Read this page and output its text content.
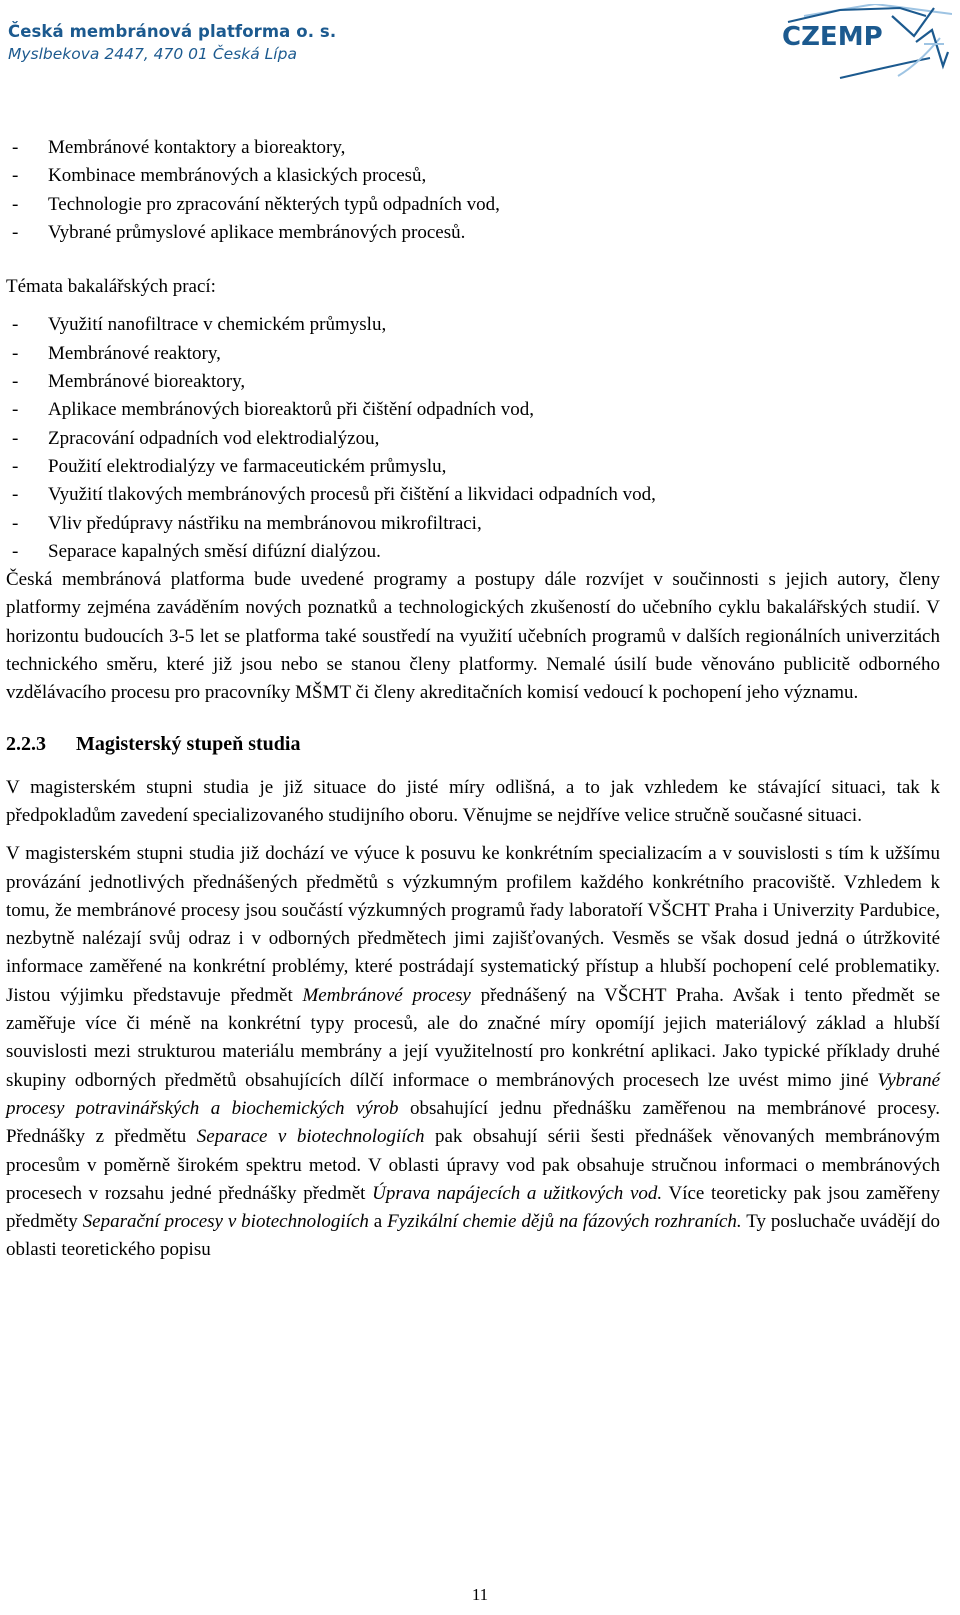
Česká membránová platforma o. s.
Myslbekova 2447, 470 01 Česká Lípa
CZEMP
- Membránové kontaktory a bioreaktory,
- Kombinace membránových a klasických procesů,
- Technologie pro zpracování některých typů odpadních vod,
- Vybrané průmyslové aplikace membránových procesů.
Témata bakalářských prací:
- Využití nanofiltrace v chemickém průmyslu,
- Membránové reaktory,
- Membránové bioreaktory,
- Aplikace membránových bioreaktorů při čištění odpadních vod,
- Zpracování odpadních vod elektrodialýzou,
- Použití elektrodialýzy ve farmaceutickém průmyslu,
- Využití tlakových membránových procesů při čištění a likvidaci odpadních vod,
- Vliv předúpravy nástřiku na membránovou mikrofiltraci,
- Separace kapalných směsí difúzní dialýzou.

Česká membránová platforma bude uvedené programy a postupy dále rozvíjet v součinnosti s jejich autory, členy platformy zejména zaváděním nových poznatků a technologických zkušeností do učebního cyklu bakalářských studií. V horizontu budoucích 3-5 let se platforma také soustředí na využití učebních programů v dalších regionálních univerzitách technického směru, které již jsou nebo se stanou členy platformy. Nemalé úsilí bude věnováno publicitě odborného vzdělávacího procesu pro pracovníky MŠMT či členy akreditačních komisí vedoucí k pochopení jeho významu.

2.2.3 Magisterský stupeň studia

V magisterském stupni studia je již situace do jisté míry odlišná, a to jak vzhledem ke stávající situaci, tak k předpokladům zavedení specializovaného studijního oboru. Věnujme se nejdříve velice stručně současné situaci.

V magisterském stupni studia již dochází ve výuce k posuvu ke konkrétním specializacím a v souvislosti s tím k užšímu provázání jednotlivých přednášených předmětů s výzkumným profilem každého konkrétního pracoviště. Vzhledem k tomu, že membránové procesy jsou součástí výzkumných programů řady laboratoří VŠCHT Praha i Univerzity Pardubice, nezbytně nalézají svůj odraz i v odborných předmětech jimi zajišťovaných. Vesměs se však dosud jedná o útržkovité informace zaměřené na konkrétní problémy, které postrádají systematický přístup a hlubší pochopení celé problematiky. Jistou výjimku představuje předmět Membránové procesy přednášený na VŠCHT Praha. Avšak i tento předmět se zaměřuje více či méně na konkrétní typy procesů, ale do značné míry opomíjí jejich materiálový základ a hlubší souvislosti mezi strukturou materiálu membrány a její využitelností pro konkrétní aplikaci. Jako typické příklady druhé skupiny odborných předmětů obsahujících dílčí informace o membránových procesech lze uvést mimo jiné Vybrané procesy potravinářských a biochemických výrob obsahující jednu přednášku zaměřenou na membránové procesy. Přednášky z předmětu Separace v biotechnologiích pak obsahují sérii šesti přednášek věnovaných membránovým procesům v poměrně širokém spektru metod. V oblasti úpravy vod pak obsahuje stručnou informaci o membránových procesech v rozsahu jedné přednášky předmět Úprava napájecích a užitkových vod. Více teoreticky pak jsou zaměřeny předměty Separační procesy v biotechnologiích a Fyzikální chemie dějů na fázových rozhraních. Ty posluchače uvádějí do oblasti teoretického popisu

11
